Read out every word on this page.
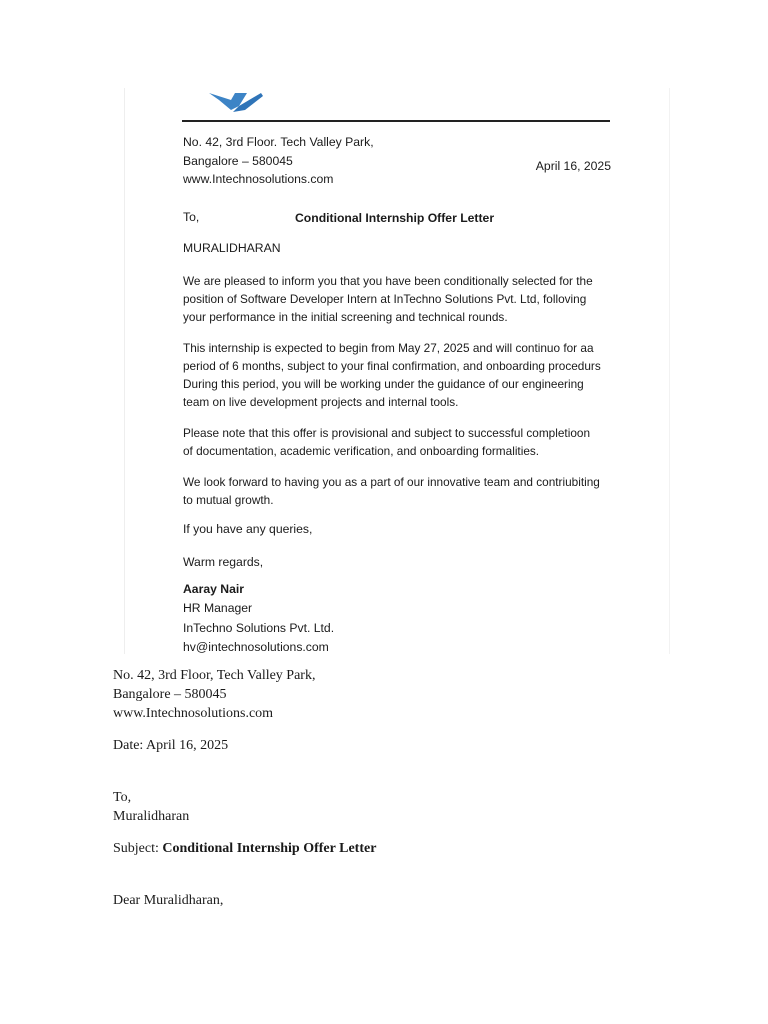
No. 42, 3rd Floor. Tech Valley Park,
Bangalore – 580045
www.Intechnosolutions.com
April 16, 2025
To,	Conditional Internship Offer Letter
MURALIDHARAN
We are pleased to inform you that you have been conditionally selected for the
position of Software Developer Intern at InTechno Solutions Pvt. Ltd, folloving
your performance in the initial screening and technical rounds.
This internship is expected to begin from May 27, 2025 and will continuo for aa
period of 6 months, subject to your final confirmation, and onboarding procedurs
During this period, you will be working under the guidance of our engineering
team on live development projects and internal tools.
Please note that this offer is provisional and subject to successful completioon
of documentation, academic verification, and onboarding formalities.
We look forward to having you as a part of our innovative team and contriubiting
to mutual growth.
If you have any queries,
Warm regards,
Aaray Nair
HR Manager
InTechno Solutions Pvt. Ltd.
hv@intechnosolutions.com
No. 42, 3rd Floor, Tech Valley Park,
Bangalore – 580045
www.Intechnosolutions.com
Date: April 16, 2025
To,
Muralidharan
Subject: Conditional Internship Offer Letter
Dear Muralidharan,
